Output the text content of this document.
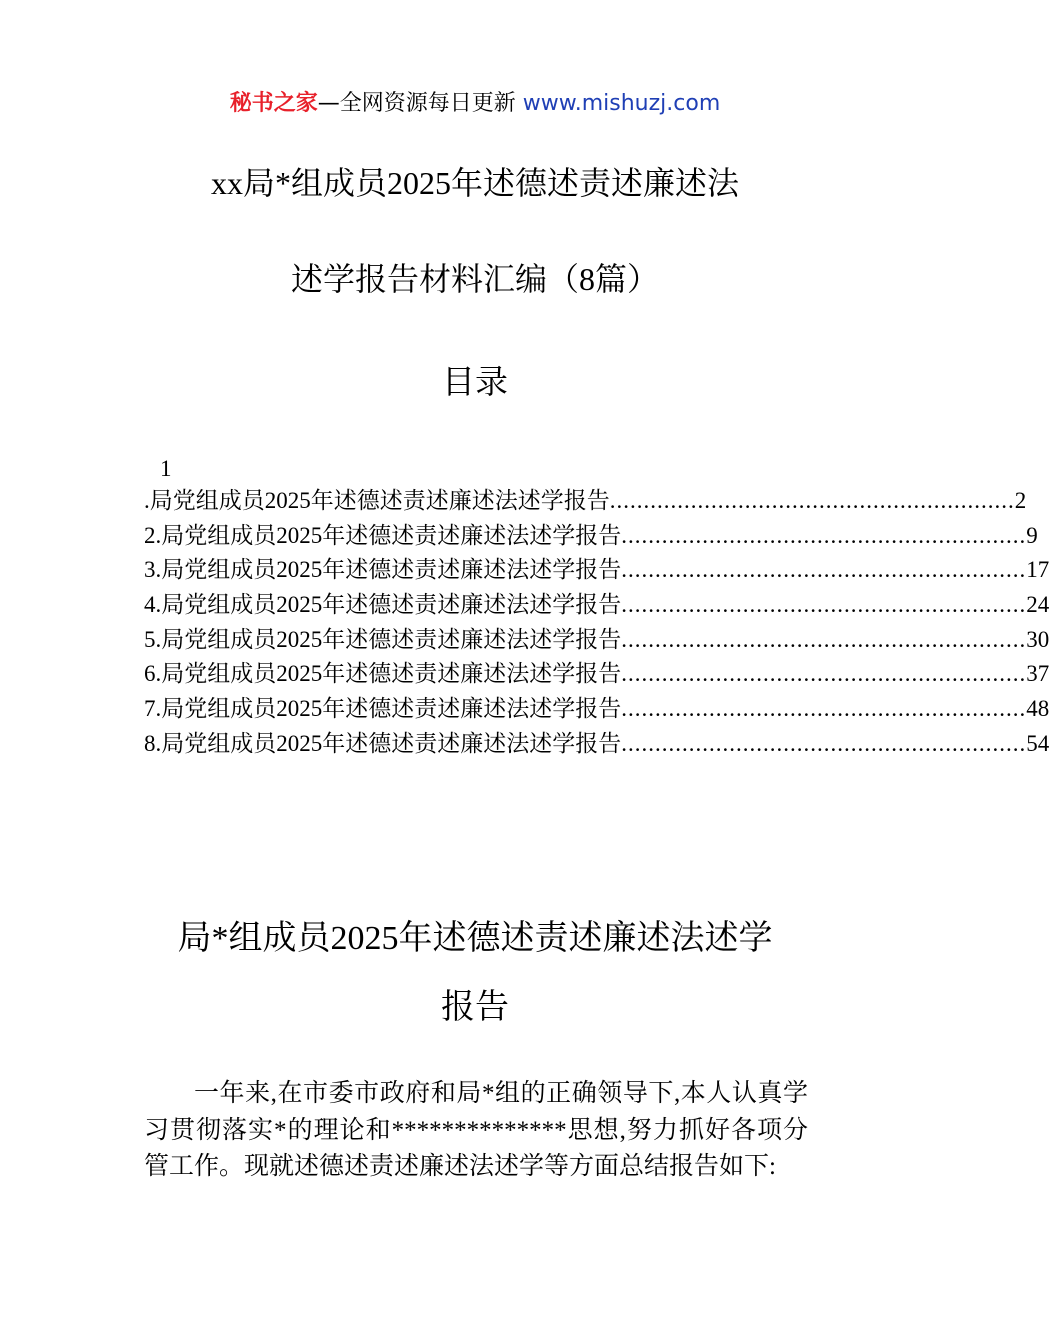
秘书之家—全网资源每日更新 www.mishuzj.com
xx局*组成员2025年述德述责述廉述法
述学报告材料汇编（8篇）
目录
1
.局党组成员2025年述德述责述廉述法述学报告 ............................................................ 2
2.局党组成员2025年述德述责述廉述法述学报告 ............................................................ 9
3.局党组成员2025年述德述责述廉述法述学报告 ............................................................ 17
4.局党组成员2025年述德述责述廉述法述学报告 ............................................................ 24
5.局党组成员2025年述德述责述廉述法述学报告 ............................................................ 30
6.局党组成员2025年述德述责述廉述法述学报告 ............................................................ 37
7.局党组成员2025年述德述责述廉述法述学报告 ............................................................ 48
8.局党组成员2025年述德述责述廉述法述学报告 ............................................................ 54
局*组成员2025年述德述责述廉述法述学
报告
一年来,在市委市政府和局*组的正确领导下,本人认真学习贯彻落实*的理论和**************思想,努力抓好各项分管工作。现就述德述责述廉述法述学等方面总结报告如下:
